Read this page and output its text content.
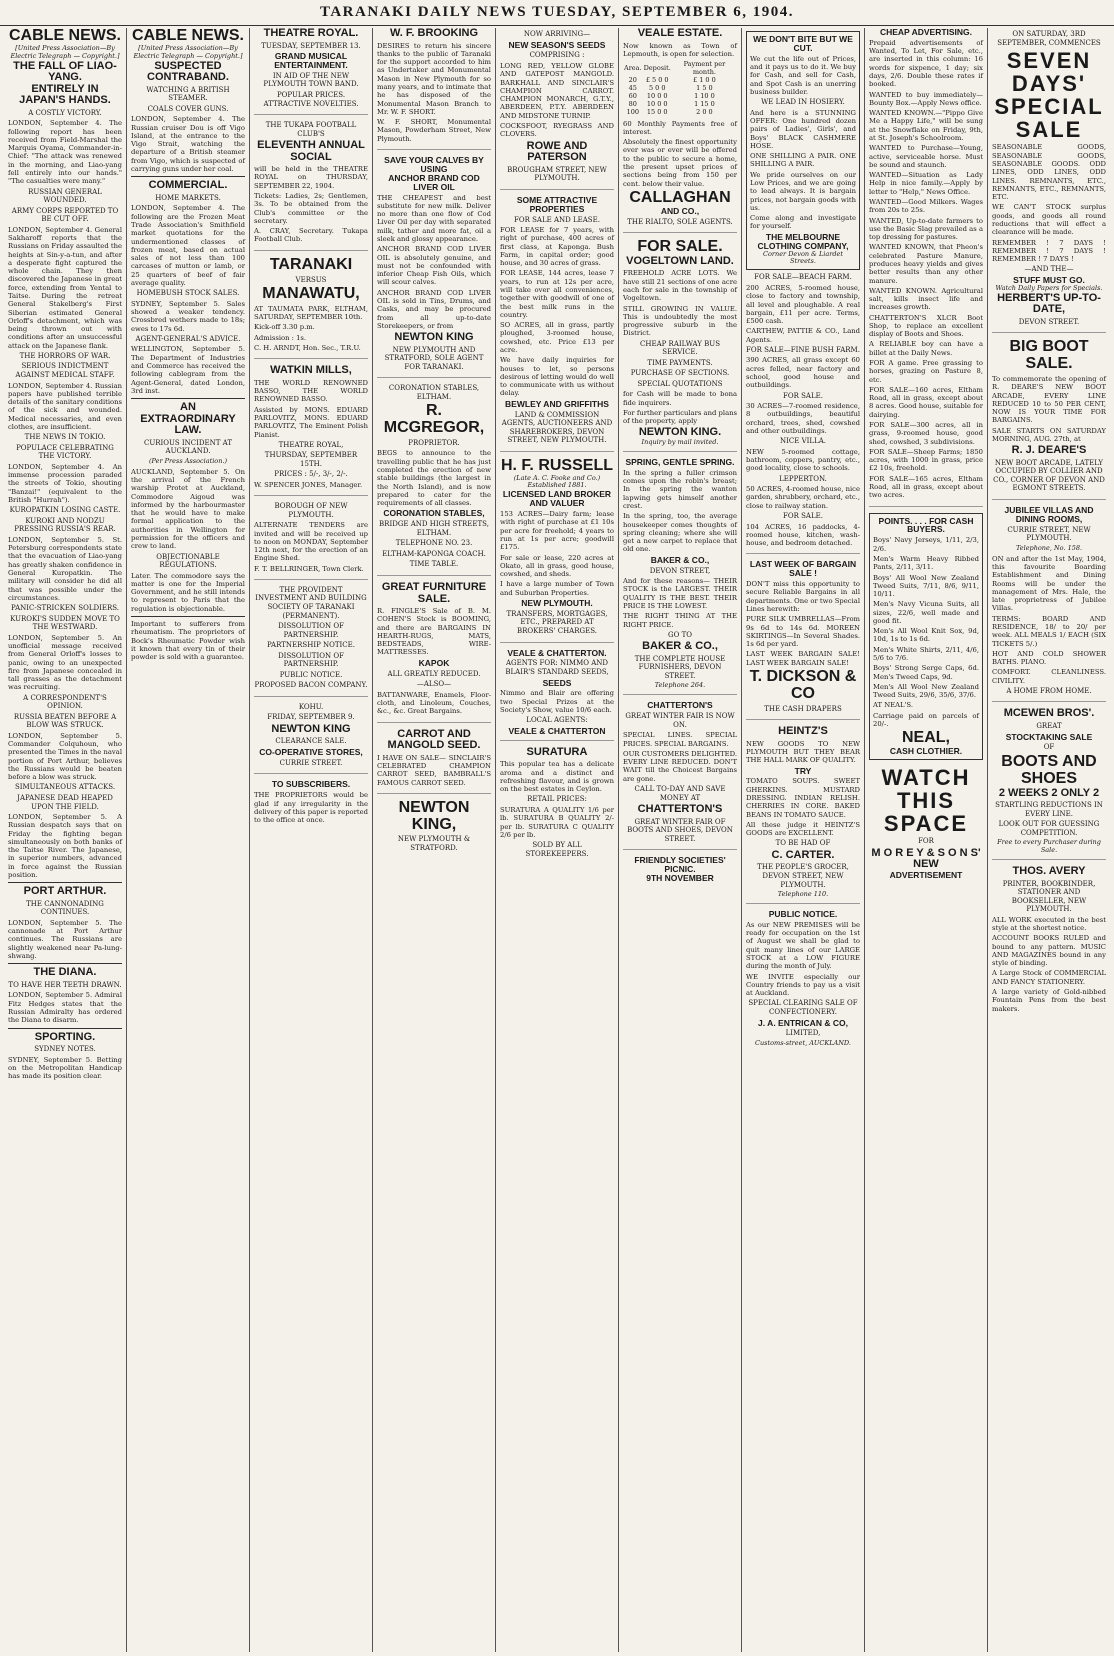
TARANAKI DAILY NEWS TUESDAY, SEPTEMBER 6, 1904.
CABLE NEWS.
[United Press Association—By Electric Telegraph — Copyright.]
THE FALL OF LIAO-YANG.
ENTIRELY IN JAPAN'S HANDS.
A COSTLY VICTORY.

LONDON, September 4. The following report has been received from Field-Marshal the Marquis Oyama, Commander-in-Chief: "The attack was renewed in the morning, and Liao-yang fell entirely into our hands." "The casualties were many."

RUSSIAN GENERAL WOUNDED.
ARMY CORPS REPORTED TO BE CUT OFF.

LONDON, September 4. General Sakharoff reports that the Russians on Friday assaulted the heights at Sin-y-a-tun, and after a desperate fight captured the whole chain. They then discovered the Japanese in great force, extending from Yental to Taitse. During the retreat General Stakelberg's First Siberian estimated General Orloff's detachment, which was being thrown out with conditions after an unsuccessful attack on the Japanese flank.

THE HORRORS OF WAR.
SERIOUS INDICTMENT AGAINST MEDICAL STAFF.

LONDON, September 4. Russian papers have published terrible details of the sanitary conditions of the sick and wounded. Medical necessaries, and even clothes, are insufficient.

THE NEWS IN TOKIO.
POPULACE CELEBRATING THE VICTORY.

LONDON, September 4. An immense procession paraded the streets of Tokio, shouting "Banzai!" (equivalent to the British "Hurrah").

KUROPATKIN LOSING CASTE.
KUROKI AND NODZU PRESSING RUSSIA'S REAR.

LONDON, September 5. St. Petersburg correspondents state that the evacuation of Liao-yang has greatly shaken confidence in General Kuropatkin. The military will consider he did all that was possible under the circumstances.

PANIC-STRICKEN SOLDIERS.
KUROKI'S SUDDEN MOVE TO THE WESTWARD.

LONDON, September 5. An unofficial message received from General Orloff's losses to panic, owing to an unexpected fire from Japanese concealed in tall grasses as the detachment was recruiting.

A CORRESPONDENT'S OPINION.
RUSSIA BEATEN BEFORE A BLOW WAS STRUCK.

LONDON, September 5. Commander Colquhoun, who presented the Times in the naval portion of Port Arthur, believes the Russians would be beaten before a blow was struck.

SIMULTANEOUS ATTACKS.
JAPANESE DEAD HEAPED UPON THE FIELD.

LONDON, September 5. A Russian despatch says that on Friday the fighting began simultaneously on both banks of the Taitse River. The Japanese, in superior numbers, advanced in force against the Russian position.

PORT ARTHUR.
THE CANNONADING CONTINUES.

LONDON, September 5. The cannonade at Port Arthur continues. The Russians are slightly weakened near Pa-lung-shwang.

THE DIANA.
TO HAVE HER TEETH DRAWN.

LONDON, September 5. Admiral Fitz Hedges states that the Russian Admiralty has ordered the Diana to disarm.

SPORTING.
SYDNEY NOTES.

SYDNEY, September 5. Betting on the Metropolitan Handicap has made its position clear.

CABLE NEWS.
[United Press Association—By Electric Telegraph — Copyright.]
SUSPECTED CONTRABAND.
WATCHING A BRITISH STEAMER.
COALS COVER GUNS.

LONDON, September 4. The Russian cruiser Dou is off Vigo Island, at the entrance to the Vigo Strait, watching the departure of a British steamer from Vigo, which is suspected of carrying guns under her coal.

COMMERCIAL.
HOME MARKETS.

LONDON, September 4. The following are the Frozen Meat Trade Association's Smithfield market quotations for the undermentioned classes of frozen meat, based on actual sales of not less than 100 carcases of mutton or lamb, or 25 quarters of beef of fair average quality.

HOMEBUSH STOCK SALES.

SYDNEY, September 5. Sales showed a weaker tendency. Crossbred wethers made to 18s; ewes to 17s 6d.

AGENT-GENERAL'S ADVICE.

WELLINGTON, September 5. The Department of Industries and Commerce has received the following cablegram from the Agent-General, dated London, 3rd inst.

AN EXTRAORDINARY LAW.
CURIOUS INCIDENT AT AUCKLAND.
(Per Press Association.)

AUCKLAND, September 5. On the arrival of the French warship Protet at Auckland, Commodore Aigoud was informed by the harbourmaster that he would have to make formal application to the authorities in Wellington for permission for the officers and crew to land.

OBJECTIONABLE REGULATIONS.

Later. The commodore says the matter is one for the Imperial Government, and he still intends to represent to Paris that the regulation is objectionable.

Important to sufferers from rheumatism. The proprietors of Bock's Rheumatic Powder wish it known that every tin of their powder is sold with a guarantee.

THEATRE ROYAL.
TUESDAY, SEPTEMBER 13.
GRAND MUSICAL ENTERTAINMENT.
IN AID OF THE NEW PLYMOUTH TOWN BAND.
POPULAR PRICES. ATTRACTIVE NOVELTIES.
THE TUKAPA FOOTBALL CLUB'S
ELEVENTH ANNUAL SOCIAL

will be held in the THEATRE ROYAL on THURSDAY, SEPTEMBER 22, 1904.

Tickets: Ladies, 2s; Gentlemen, 3s. To be obtained from the Club's committee or the secretary.

A. CRAY, Secretary. Tukapa Football Club.

TARANAKI
VERSUS
MANAWATU,

AT TAUMATA PARK, ELTHAM, SATURDAY, SEPTEMBER 10th.

Kick-off 3.30 p.m.

Admission : 1s.

C. H. ARNDT, Hon. Sec., T.R.U.

WATKIN MILLS,

THE WORLD RENOWNED BASSO, THE WORLD RENOWNED BASSO.

Assisted by MONS. EDUARD PARLOVITZ, MONS. EDUARD PARLOVITZ, The Eminent Polish Pianist.

THEATRE ROYAL,
THURSDAY, SEPTEMBER 15TH.
PRICES : 5/-, 3/-, 2/-.

W. SPENCER JONES, Manager.

BOROUGH OF NEW PLYMOUTH.

ALTERNATE TENDERS are invited and will be received up to noon on MONDAY, September 12th next, for the erection of an Engine Shed.

F. T. BELLRINGER, Town Clerk.

THE PROVIDENT INVESTMENT AND BUILDING SOCIETY OF TARANAKI (PERMANENT).
DISSOLUTION OF PARTNERSHIP.
PARTNERSHIP NOTICE.
DISSOLUTION OF PARTNERSHIP.
PUBLIC NOTICE.
PROPOSED BACON COMPANY.
KOHU.
FRIDAY, SEPTEMBER 9.
NEWTON KING
CLEARANCE SALE.
CO-OPERATIVE STORES,
CURRIE STREET.
TO SUBSCRIBERS.

THE PROPRIETORS would be glad if any irregularity in the delivery of this paper is reported to the office at once.

W. F. BROOKING

DESIRES to return his sincere thanks to the public of Taranaki for the support accorded to him as Undertaker and Monumental Mason in New Plymouth for so many years, and to intimate that he has disposed of the Monumental Mason Branch to Mr. W. F. SHORT.

W. F. SHORT, Monumental Mason, Powderham Street, New Plymouth.

SAVE YOUR CALVES BY USING
ANCHOR BRAND COD LIVER OIL

THE CHEAPEST and best substitute for new milk. Deliver no more than one flow of Cod Liver Oil per day with separated milk, tather and more fat, oil a sleek and glossy appearance.

ANCHOR BRAND COD LIVER OIL is absolutely genuine, and must not be confounded with inferior Cheap Fish Oils, which will scour calves.

ANCHOR BRAND COD LIVER OIL is sold in Tins, Drums, and Casks, and may be procured from all up-to-date Storekeepers, or from

NEWTON KING
NEW PLYMOUTH AND STRATFORD, SOLE AGENT FOR TARANAKI.
CORONATION STABLES, ELTHAM.
R. MCGREGOR,
PROPRIETOR.

BEGS to announce to the travelling public that he has just completed the erection of new stable buildings (the largest in the North Island), and is now prepared to cater for the requirements of all classes.

CORONATION STABLES,
BRIDGE AND HIGH STREETS, ELTHAM.
TELEPHONE NO. 23.
ELTHAM-KAPONGA COACH.
TIME TABLE.
GREAT FURNITURE SALE.

R. FINGLE'S Sale of B. M. COHEN'S Stock is BOOMING, and there are BARGAINS IN HEARTH-RUGS, MATS, BEDSTEADS, WIRE-MATTRESSES.

KAPOK
ALL GREATLY REDUCED.
—ALSO—

BATTANWARE, Enamels, Floor-cloth, and Linoleum, Couches, &c., &c. Great Bargains.

CARROT AND MANGOLD SEED.

I HAVE ON SALE— SINCLAIR'S CELEBRATED CHAMPION CARROT SEED, BAMBRALL'S FAMOUS CARROT SEED.

NEWTON KING,
NEW PLYMOUTH & STRATFORD.
NOW ARRIVING—
NEW SEASON'S SEEDS
COMPRISING :

LONG RED, YELLOW GLOBE AND GATEPOST MANGOLD. BARKHALL AND SINCLAIR'S CHAMPION CARROT. CHAMPION MONARCH, G.T.Y., ABERDEEN, P.T.Y. ABERDEEN AND MIDSTONE TURNIP.

COCKSFOOT, RYEGRASS AND CLOVERS.

ROWE AND PATERSON
BROUGHAM STREET, NEW PLYMOUTH.
SOME ATTRACTIVE PROPERTIES
FOR SALE AND LEASE.

FOR LEASE for 7 years, with right of purchase, 400 acres of first class, at Kaponga. Bush Farm, in capital order; good house, and 30 acres of grass.

FOR LEASE, 144 acres, lease 7 years, to run at 12s per acre, will take over all conveniences, together with goodwill of one of the best milk runs in the country.

SO ACRES, all in grass, partly ploughed, 3-roomed house, cowshed, etc. Price £13 per acre.

We have daily inquiries for houses to let, so persons desirous of letting would do well to communicate with us without delay.

BEWLEY AND GRIFFITHS
LAND & COMMISSION AGENTS, AUCTIONEERS AND SHAREBROKERS, DEVON STREET, NEW PLYMOUTH.
H. F. RUSSELL
(Late A. C. Fooke and Co.) Established 1881.
LICENSED LAND BROKER AND VALUER

153 ACRES—Dairy farm; lease with right of purchase at £1 10s per acre for freehold; 4 years to run at 1s per acre; goodwill £175.

For sale or lease, 220 acres at Okato, all in grass, good house, cowshed, and sheds.

I have a large number of Town and Suburban Properties.

NEW PLYMOUTH.
TRANSFERS, MORTGAGES, ETC., PREPARED AT BROKERS' CHARGES.
VEALE & CHATTERTON.
AGENTS FOR: NIMMO AND BLAIR'S STANDARD SEEDS,
SEEDS

Nimmo and Blair are offering two Special Prizes at the Society's Show, value 10/6 each.

LOCAL AGENTS:
VEALE & CHATTERTON
SURATURA

This popular tea has a delicate aroma and a distinct and refreshing flavour, and is grown on the best estates in Ceylon.

RETAIL PRICES:

SURATURA A QUALITY 1/6 per lb. SURATURA B QUALITY 2/- per lb. SURATURA C QUALITY 2/6 per lb.

SOLD BY ALL STOREKEEPERS.
VEALE ESTATE.

Now known as Town of Lepmouth, is open for selection.

Area.	Deposit.	Payment per month.
20	£ 5 0 0	£ 1 0 0
45	5 0 0	1 5 0
60	10 0 0	1 10 0
80	10 0 0	1 15 0
100	15 0 0	2 0 0

60 Monthly Payments free of interest.

Absolutely the finest opportunity ever was or ever will be offered to the public to secure a home, the present upset prices of sections being from 150 per cent. below their value.

CALLAGHAN
AND CO.,
THE RIALTO, SOLE AGENTS.
FOR SALE.
VOGELTOWN LAND.

FREEHOLD ACRE LOTS. We have still 21 sections of one acre each for sale in the township of Vogeltown.

STILL GROWING IN VALUE. This is undoubtedly the most progressive suburb in the District.

CHEAP RAILWAY BUS SERVICE.
TIME PAYMENTS.
PURCHASE OF SECTIONS.
SPECIAL QUOTATIONS

for Cash will be made to bona fide inquirers.

For further particulars and plans of the property, apply

NEWTON KING.
Inquiry by mail invited.
SPRING, GENTLE SPRING.

In the spring a fuller crimson comes upon the robin's breast; In the spring the wanton lapwing gets himself another crest.

In the spring, too, the average housekeeper comes thoughts of spring cleaning; where she will get a new carpet to replace that old one.

BAKER & CO.,
DEVON STREET,

And for these reasons— THEIR STOCK is the LARGEST. THEIR QUALITY IS THE BEST. THEIR PRICE IS THE LOWEST.

THE RIGHT THING AT THE RIGHT PRICE.

GO TO
BAKER & CO.,
THE COMPLETE HOUSE FURNISHERS, DEVON STREET.
Telephone 264.
CHATTERTON'S
GREAT WINTER FAIR IS NOW ON.

SPECIAL LINES. SPECIAL PRICES. SPECIAL BARGAINS.

OUR CUSTOMERS DELIGHTED. EVERY LINE REDUCED. DON'T WAIT till the Choicest Bargains are gone.

CALL TO-DAY AND SAVE MONEY AT
CHATTERTON'S
GREAT WINTER FAIR OF BOOTS AND SHOES, DEVON STREET.
FRIENDLY SOCIETIES' PICNIC.
9TH NOVEMBER
WE DON'T BITE BUT WE CUT.

We cut the life out of Prices, and it pays us to do it. We buy for Cash, and sell for Cash, and Spot Cash is an unerring business builder.

WE LEAD IN HOSIERY.

And here is a STUNNING OFFER: One hundred dozen pairs of Ladies', Girls', and Boys' BLACK CASHMERE HOSE.

ONE SHILLING A PAIR. ONE SHILLING A PAIR.

We pride ourselves on our Low Prices, and we are going to lead always. It is bargain prices, not bargain goods with us.

Come along and investigate for yourself.

THE MELBOURNE CLOTHING COMPANY,
Corner Devon & Liardet Streets.
FOR SALE—BEACH FARM.

200 ACRES, 5-roomed house, close to factory and township, all level and ploughable. A real bargain, £11 per acre. Terms, £500 cash.

CARTHEW, PATTIE & CO., Land Agents.

FOR SALE—FINE BUSH FARM.

390 ACRES, all grass except 60 acres felled, near factory and school, good house and outbuildings.

FOR SALE.

30 ACRES—7-roomed residence, 8 outbuildings, beautiful orchard, trees, shed, cowshed and other outbuildings.

NICE VILLA.

NEW 5-roomed cottage, bathroom, coppers, pantry, etc., good locality, close to schools.

LEPPERTON.

50 ACRES, 4-roomed house, nice garden, shrubbery, orchard, etc., close to railway station.

FOR SALE.

104 ACRES, 16 paddocks, 4-roomed house, kitchen, wash-house, and bedroom detached.

LAST WEEK OF BARGAIN SALE !

DON'T miss this opportunity to secure Reliable Bargains in all departments. One or two Special Lines herewith:

PURE SILK UMBRELLAS—From 9s 6d to 14s 6d. MOREEN SKIRTINGS—In Several Shades. 1s 6d per yard.

LAST WEEK BARGAIN SALE! LAST WEEK BARGAIN SALE!

T. DICKSON & CO
THE CASH DRAPERS
HEINTZ'S

NEW GOODS TO NEW PLYMOUTH BUT THEY BEAR THE HALL MARK OF QUALITY.

TRY

TOMATO SOUPS. SWEET GHERKINS. MUSTARD DRESSING. INDIAN RELISH. CHERRIES IN CORE. BAKED BEANS IN TOMATO SAUCE.

All these judge it HEINTZ'S GOODS are EXCELLENT.

TO BE HAD OF
C. CARTER.
THE PEOPLE'S GROCER, DEVON STREET, NEW PLYMOUTH.
Telephone 110.
PUBLIC NOTICE.

As our NEW PREMISES will be ready for occupation on the 1st of August we shall be glad to quit many lines of our LARGE STOCK at a LOW FIGURE during the month of July.

WE INVITE especially our Country friends to pay us a visit at Auckland.

SPECIAL CLEARING SALE OF CONFECTIONERY.
J. A. ENTRICAN & CO,
LIMITED,
Customs-street, AUCKLAND.
CHEAP ADVERTISING.

Prepaid advertisements of Wanted, To Let, For Sale, etc., are inserted in this column: 16 words for sixpence, 1 day; six days, 2/6. Double these rates if booked.

WANTED to buy immediately—Bounty Box.—Apply News office.

WANTED KNOWN.—"Pippo Give Me a Happy Life," will be sung at the Snowflake on Friday, 9th, at St. Joseph's Schoolroom.

WANTED to Purchase—Young, active, serviceable horse. Must be sound and staunch.

WANTED—Situation as Lady Help in nice family.—Apply by letter to "Help," News Office.

WANTED—Good Milkers. Wages from 20s to 25s.

WANTED, Up-to-date farmers to use the Basic Slag prevailed as a top dressing for pastures.

WANTED KNOWN, that Pheon's celebrated Pasture Manure, produces heavy yields and gives better results than any other manure.

WANTED KNOWN. Agricultural salt, kills insect life and increases growth.

CHATTERTON'S XLCR Boot Shop, to replace an excellent display of Boots and Shoes.

A RELIABLE boy can have a billet at the Daily News.

FOR A game. Free grassing to horses, grazing on Pasture 8, etc.

FOR SALE—160 acres, Eltham Road, all in grass, except about 8 acres. Good house, suitable for dairying.

FOR SALE—300 acres, all in grass, 9-roomed house, good shed, cowshed, 3 subdivisions.

FOR SALE—Sheep Farms; 1850 acres, with 1000 in grass, price £2 10s, freehold.

FOR SALE—165 acres, Eltham Road, all in grass, except about two acres.

POINTS. . . . FOR CASH BUYERS.

Boys' Navy Jerseys, 1/11, 2/3, 2/6.

Men's Warm Heavy Ribbed Pants, 2/11, 3/11.

Boys' All Wool New Zealand Tweed Suits, 7/11, 8/6, 9/11, 10/11.

Men's Navy Vicuna Suits, all sizes, 22/6, well made and good fit.

Men's All Wool Knit Sox, 9d, 10d, 1s to 1s 6d.

Men's White Shirts, 2/11, 4/6, 5/6 to 7/6.

Boys' Strong Serge Caps, 6d. Men's Tweed Caps, 9d.

Men's All Wool New Zealand Tweed Suits, 29/6, 35/6, 37/6.

AT NEAL'S.

Carriage paid on parcels of 20/-.

NEAL,
CASH CLOTHIER.
WATCH
THIS
SPACE
FOR
M O R E Y & S O N S'
NEW
ADVERTISEMENT
ON SATURDAY, 3RD SEPTEMBER, COMMENCES
SEVEN DAYS' SPECIAL SALE

SEASONABLE GOODS, SEASONABLE GOODS, SEASONABLE GOODS. ODD LINES, ODD LINES, ODD LINES. REMNANTS, ETC., REMNANTS, ETC., REMNANTS, ETC.

WE CAN'T STOCK surplus goods, and goods all round reductions that will effect a clearance will be made.

REMEMBER ! 7 DAYS ! REMEMBER ! 7 DAYS ! REMEMBER ! 7 DAYS !

—AND THE—
STUFF MUST GO.
Watch Daily Papers for Specials.
HERBERT'S UP-TO-DATE,
DEVON STREET.
BIG BOOT SALE.

To commemorate the opening of R. DEARE'S NEW BOOT ARCADE, EVERY LINE REDUCED 10 to 50 PER CENT, NOW IS YOUR TIME FOR BARGAINS.

SALE STARTS ON SATURDAY MORNING, AUG. 27th, at

R. J. DEARE'S
NEW BOOT ARCADE, LATELY OCCUPIED BY COLLIER AND CO., CORNER OF DEVON AND EGMONT STREETS.
JUBILEE VILLAS AND DINING ROOMS,
CURRIE STREET, NEW PLYMOUTH.
Telephone, No. 158.

ON and after the 1st May, 1904, this favourite Boarding Establishment and Dining Rooms will be under the management of Mrs. Hale, the late proprietress of Jubilee Villas.

TERMS: BOARD AND RESIDENCE, 18/ to 20/ per week. ALL MEALS 1/ EACH (SIX TICKETS 5/.)

HOT AND COLD SHOWER BATHS. PIANO.

COMFORT. CLEANLINESS. CIVILITY.

A HOME FROM HOME.
MCEWEN BROS'.
GREAT
STOCKTAKING SALE
OF
BOOTS AND SHOES
2 WEEKS 2 ONLY 2
STARTLING REDUCTIONS IN EVERY LINE.
LOOK OUT FOR GUESSING COMPETITION.
Free to every Purchaser during Sale.
THOS. AVERY
PRINTER, BOOKBINDER, STATIONER AND BOOKSELLER, NEW PLYMOUTH.

ALL WORK executed in the best style at the shortest notice.

ACCOUNT BOOKS RULED and bound to any pattern. MUSIC AND MAGAZINES bound in any style of binding.

A Large Stock of COMMERCIAL AND FANCY STATIONERY.

A large variety of Gold-nibbed Fountain Pens from the best makers.
